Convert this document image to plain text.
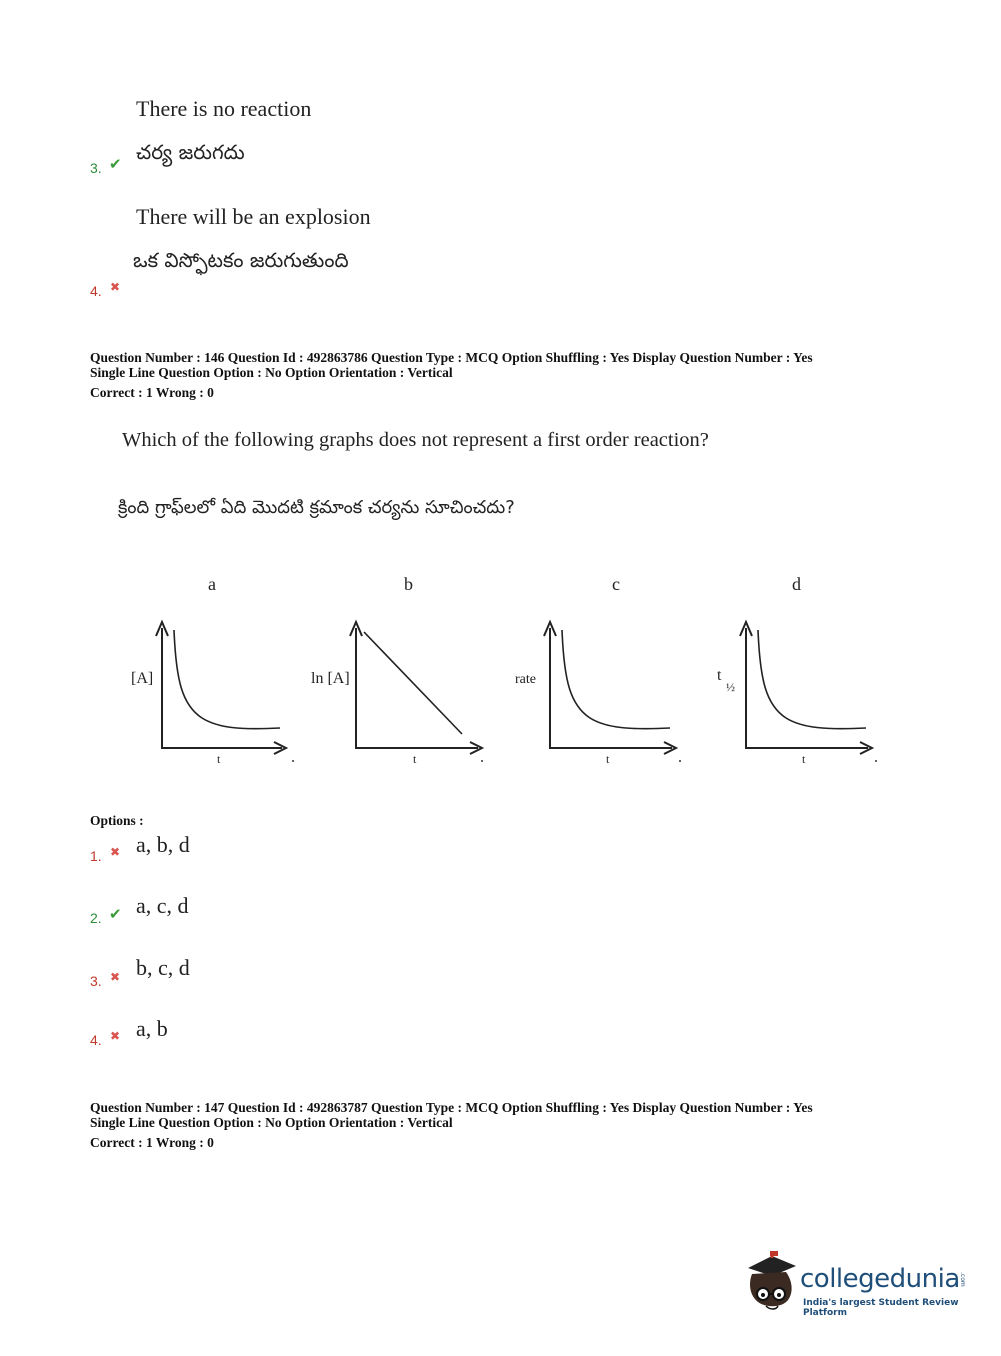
There is no reaction
చర్య జరుగదు
3. ✔
There will be an explosion
ఒక విస్ఫోటకం జరుగుతుంది
4. ✖
Question Number : 146 Question Id : 492863786 Question Type : MCQ Option Shuffling : Yes Display Question Number : Yes
Single Line Question Option : No Option Orientation : Vertical
Correct : 1 Wrong : 0
Which of the following graphs does not represent a first order reaction?
క్రింది గ్రాఫ్‌లలో ఏది మొదటి క్రమాంక చర్యను సూచించదు?
a	b	c	d
[A]	ln [A]	rate	t
½
t	t	t	t
Options :
1. ✖ a, b, d
2. ✔ a, c, d
3. ✖ b, c, d
4. ✖ a, b
Question Number : 147 Question Id : 492863787 Question Type : MCQ Option Shuffling : Yes Display Question Number : Yes
Single Line Question Option : No Option Orientation : Vertical
Correct : 1 Wrong : 0
collegedunia .com
India's largest Student Review Platform
